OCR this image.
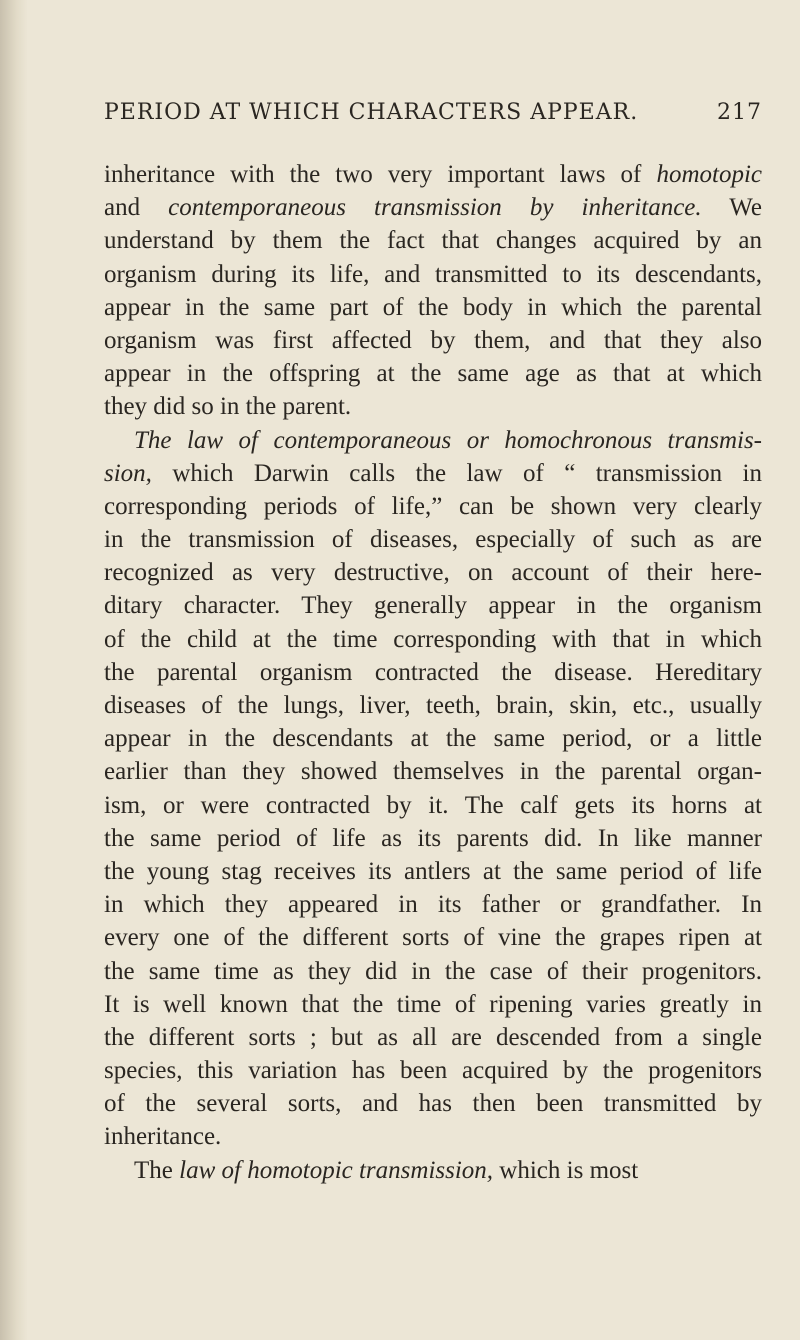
PERIOD AT WHICH CHARACTERS APPEAR.	217
inheritance with the two very important laws of homotopic
and contemporaneous transmission by inheritance. We
understand by them the fact that changes acquired by an
organism during its life, and transmitted to its descendants,
appear in the same part of the body in which the parental
organism was first affected by them, and that they also
appear in the offspring at the same age as that at which
they did so in the parent.
The law of contemporaneous or homochronous transmis-
sion, which Darwin calls the law of “ transmission in
corresponding periods of life,” can be shown very clearly
in the transmission of diseases, especially of such as are
recognized as very destructive, on account of their here-
ditary character. They generally appear in the organism
of the child at the time corresponding with that in which
the parental organism contracted the disease. Hereditary
diseases of the lungs, liver, teeth, brain, skin, etc., usually
appear in the descendants at the same period, or a little
earlier than they showed themselves in the parental organ-
ism, or were contracted by it. The calf gets its horns at
the same period of life as its parents did. In like manner
the young stag receives its antlers at the same period of life
in which they appeared in its father or grandfather. In
every one of the different sorts of vine the grapes ripen at
the same time as they did in the case of their progenitors.
It is well known that the time of ripening varies greatly in
the different sorts ; but as all are descended from a single
species, this variation has been acquired by the progenitors
of the several sorts, and has then been transmitted by
inheritance.
The law of homotopic transmission, which is most
